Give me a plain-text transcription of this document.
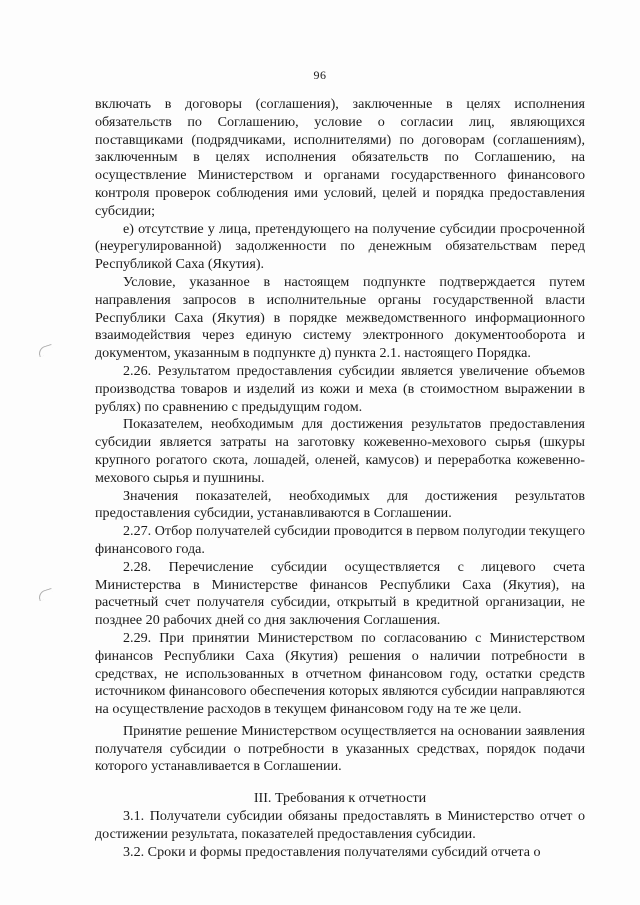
96

включать в договоры (соглашения), заключенные в целях исполнения обязательств по Соглашению, условие о согласии лиц, являющихся поставщиками (подрядчиками, исполнителями) по договорам (соглашениям), заключенным в целях исполнения обязательств по Соглашению, на осуществление Министерством и органами государственного финансового контроля проверок соблюдения ими условий, целей и порядка предоставления субсидии;

е) отсутствие у лица, претендующего на получение субсидии просроченной (неурегулированной) задолженности по денежным обязательствам перед Республикой Саха (Якутия).

Условие, указанное в настоящем подпункте подтверждается путем направления запросов в исполнительные органы государственной власти Республики Саха (Якутия) в порядке межведомственного информационного взаимодействия через единую систему электронного документооборота и документом, указанным в подпункте д) пункта 2.1. настоящего Порядка.

2.26. Результатом предоставления субсидии является увеличение объемов производства товаров и изделий из кожи и меха (в стоимостном выражении в рублях) по сравнению с предыдущим годом.

Показателем, необходимым для достижения результатов предоставления субсидии является затраты на заготовку кожевенно-мехового сырья (шкуры крупного рогатого скота, лошадей, оленей, камусов) и переработка кожевенно-мехового сырья и пушнины.

Значения показателей, необходимых для достижения результатов предоставления субсидии, устанавливаются в Соглашении.

2.27. Отбор получателей субсидии проводится в первом полугодии текущего финансового года.

2.28. Перечисление субсидии осуществляется с лицевого счета Министерства в Министерстве финансов Республики Саха (Якутия), на расчетный счет получателя субсидии, открытый в кредитной организации, не позднее 20 рабочих дней со дня заключения Соглашения.

2.29. При принятии Министерством по согласованию с Министерством финансов Республики Саха (Якутия) решения о наличии потребности в средствах, не использованных в отчетном финансовом году, остатки средств источником финансового обеспечения которых являются субсидии направляются на осуществление расходов в текущем финансовом году на те же цели.

Принятие решение Министерством осуществляется на основании заявления получателя субсидии о потребности в указанных средствах, порядок подачи которого устанавливается в Соглашении.

III. Требования к отчетности

3.1. Получатели субсидии обязаны предоставлять в Министерство отчет о достижении результата, показателей предоставления субсидии.

3.2. Сроки и формы предоставления получателями субсидий отчета о
